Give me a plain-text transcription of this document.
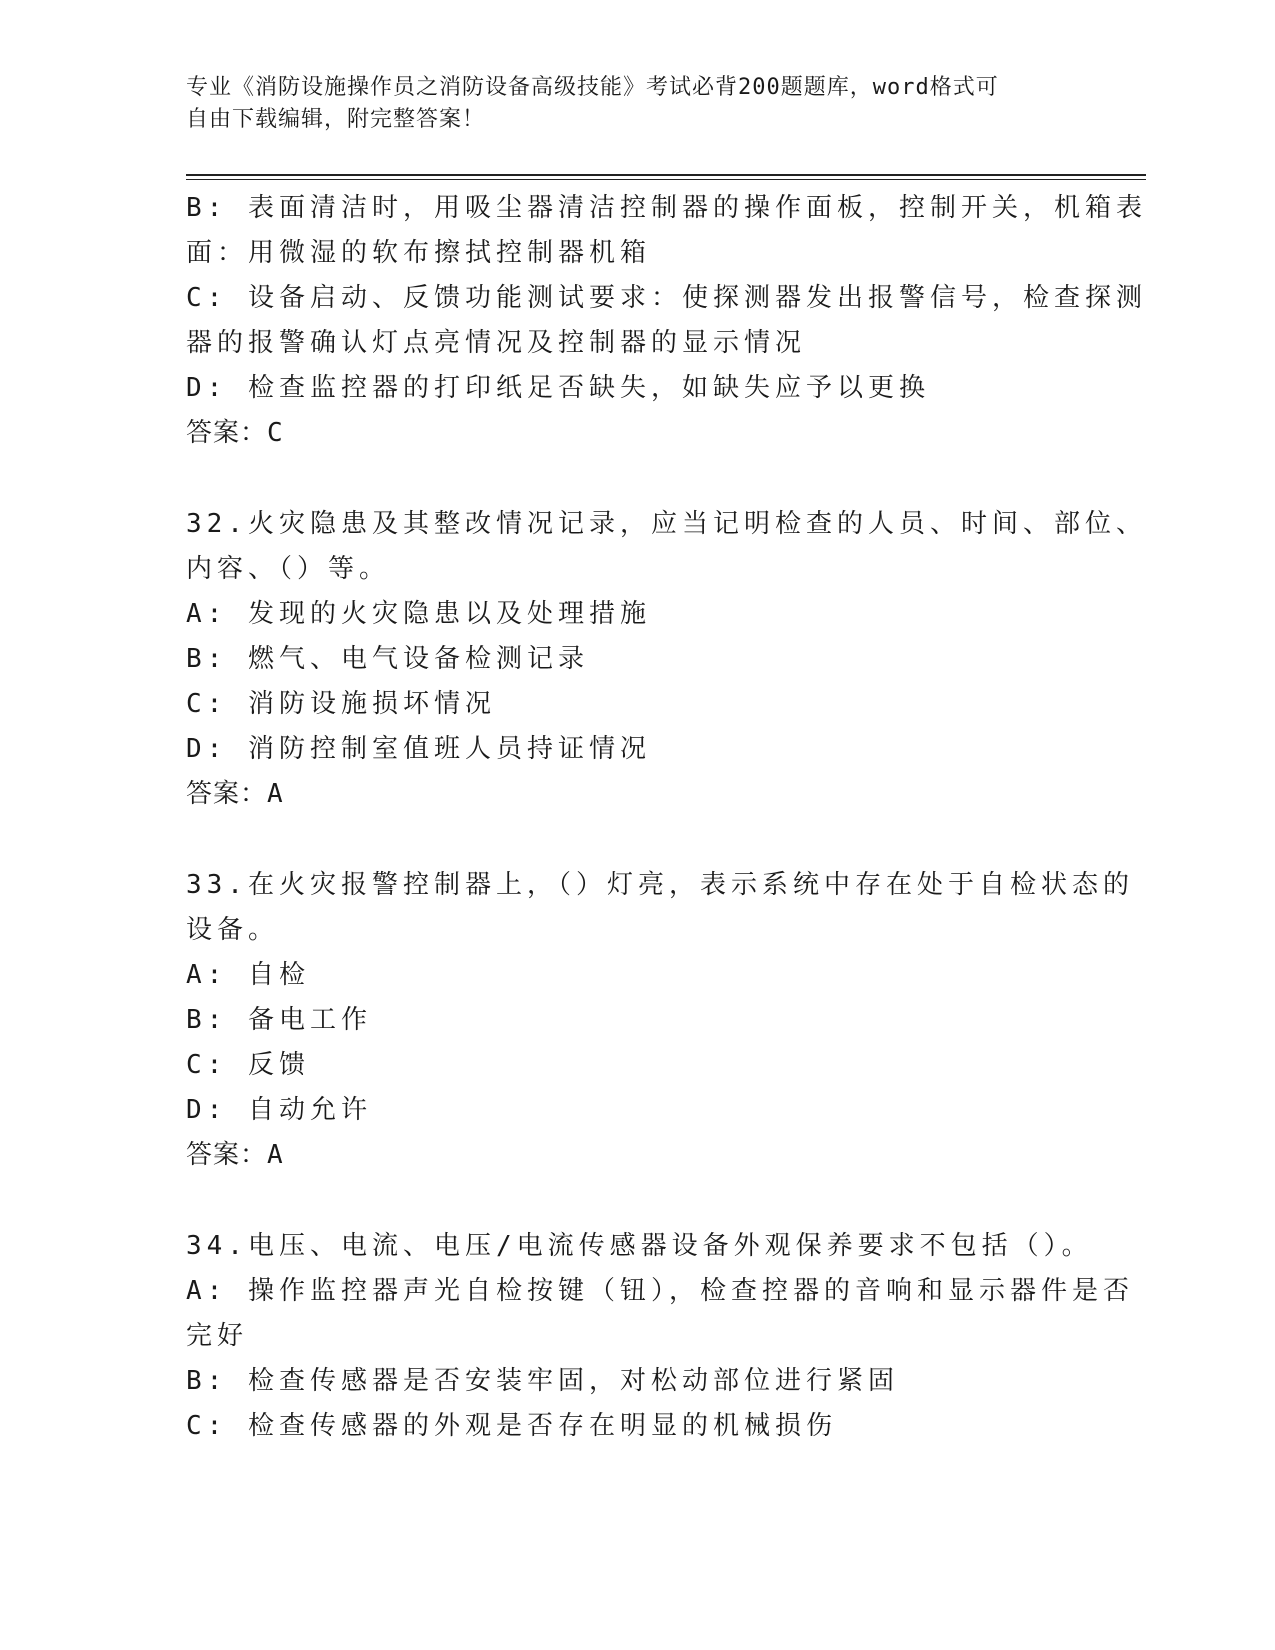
专业《消防设施操作员之消防设备高级技能》考试必背200题题库，word格式可
自由下载编辑，附完整答案！
B: 表面清洁时，用吸尘器清洁控制器的操作面板，控制开关，机箱表
面：用微湿的软布擦拭控制器机箱
C: 设备启动、反馈功能测试要求：使探测器发出报警信号，检查探测
器的报警确认灯点亮情况及控制器的显示情况
D: 检查监控器的打印纸足否缺失，如缺失应予以更换
答案：C
32.火灾隐患及其整改情况记录，应当记明检查的人员、时间、部位、
内容、（）等。
A: 发现的火灾隐患以及处理措施
B: 燃气、电气设备检测记录
C: 消防设施损坏情况
D: 消防控制室值班人员持证情况
答案：A
33.在火灾报警控制器上，（）灯亮，表示系统中存在处于自检状态的
设备。
A: 自检
B: 备电工作
C: 反馈
D: 自动允许
答案：A
34.电压、电流、电压/电流传感器设备外观保养要求不包括（）。
A: 操作监控器声光自检按键（钮），检查控器的音响和显示器件是否
完好
B: 检查传感器是否安装牢固，对松动部位进行紧固
C: 检查传感器的外观是否存在明显的机械损伤
